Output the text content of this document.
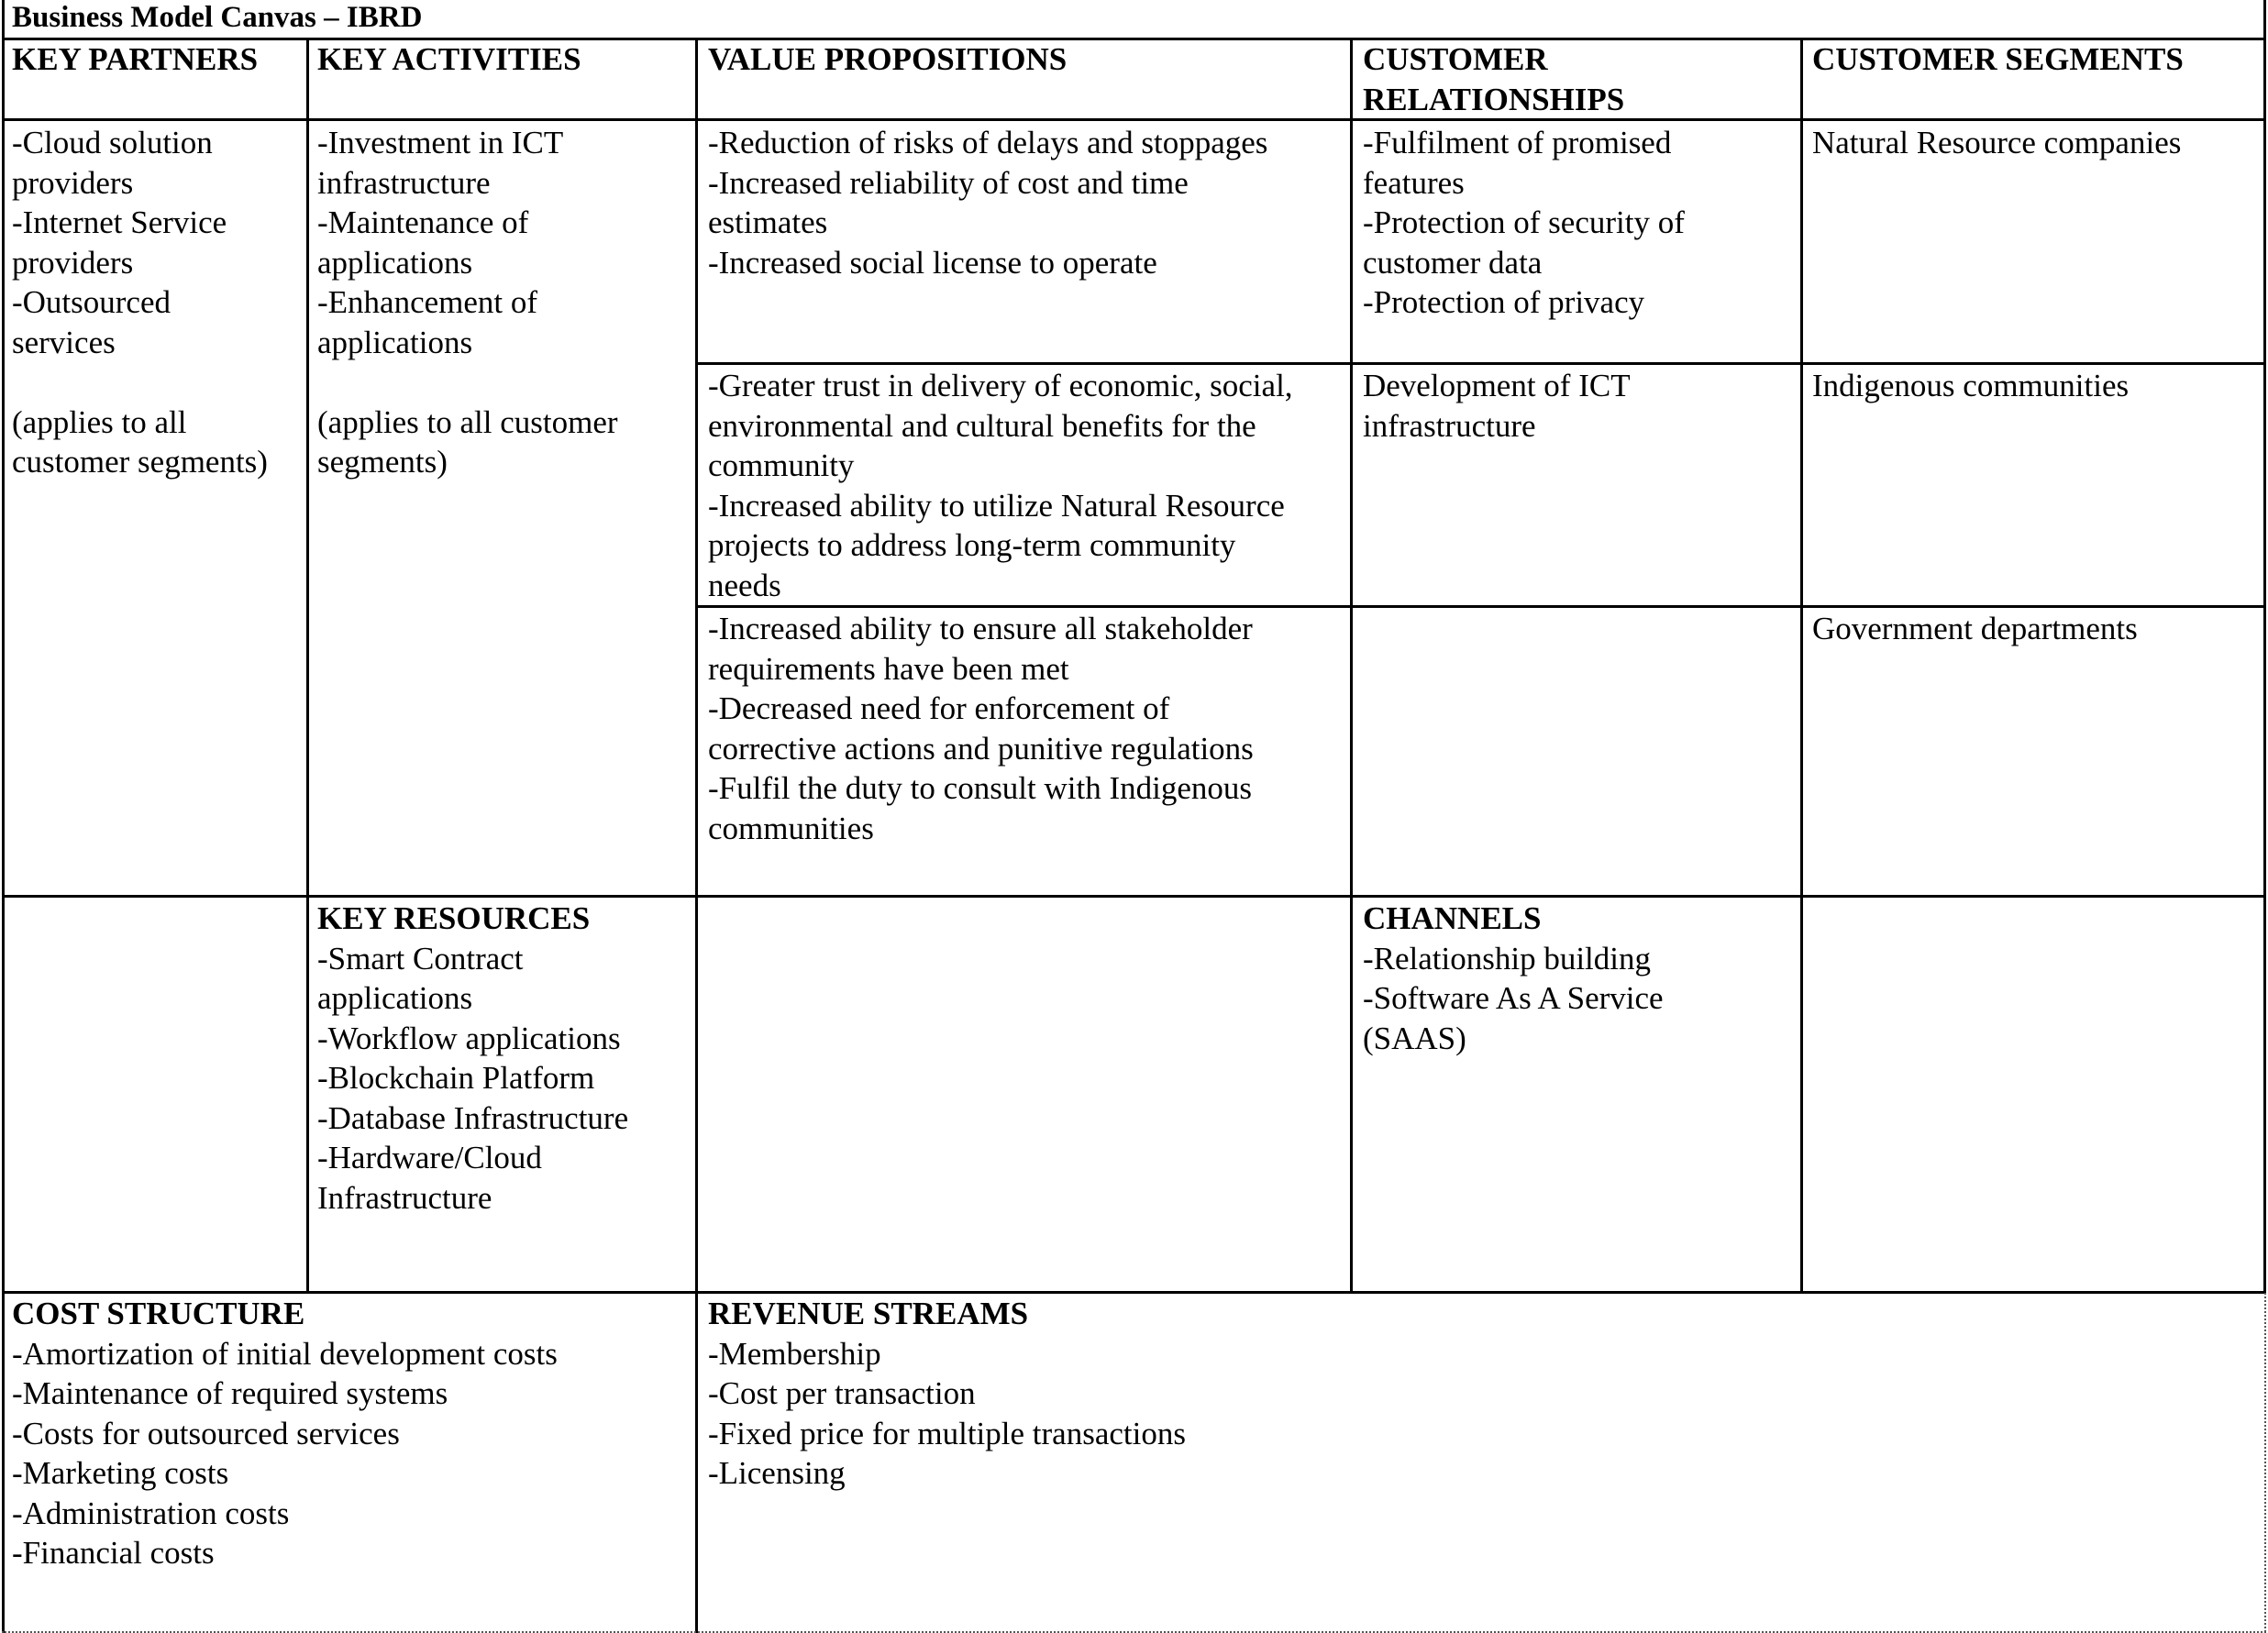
Business Model Canvas – IBRD
KEY PARTNERS KEY ACTIVITIES	VALUE PROPOSITIONS	CUSTOMER
RELATIONSHIPS
CUSTOMER SEGMENTS
-Cloud solution
providers
-Internet Service
providers
-Outsourced
services
(applies to all
customer segments)
-Investment in ICT
infrastructure
-Maintenance of
applications
-Enhancement of
applications
(applies to all customer
segments)
-Reduction of risks of delays and stoppages
-Increased reliability of cost and time
estimates
-Increased social license to operate
-Fulfilment of promised
features
-Protection of security of
customer data
-Protection of privacy
Natural Resource companies
-Greater trust in delivery of economic, social,
environmental and cultural benefits for the
community
-Increased ability to utilize Natural Resource
projects to address long-term community
needs
Development of ICT
infrastructure
Indigenous communities
-Increased ability to ensure all stakeholder
requirements have been met
-Decreased need for enforcement of
corrective actions and punitive regulations
-Fulfil the duty to consult with Indigenous
communities
Government departments
KEY RESOURCES
-Smart Contract
applications
-Workflow applications
-Blockchain Platform
-Database Infrastructure
-Hardware/Cloud
Infrastructure
CHANNELS
-Relationship building
-Software As A Service
(SAAS)
COST STRUCTURE
-Amortization of initial development costs
-Maintenance of required systems
-Costs for outsourced services
-Marketing costs
-Administration costs
-Financial costs
REVENUE STREAMS
-Membership
-Cost per transaction
-Fixed price for multiple transactions
-Licensing
